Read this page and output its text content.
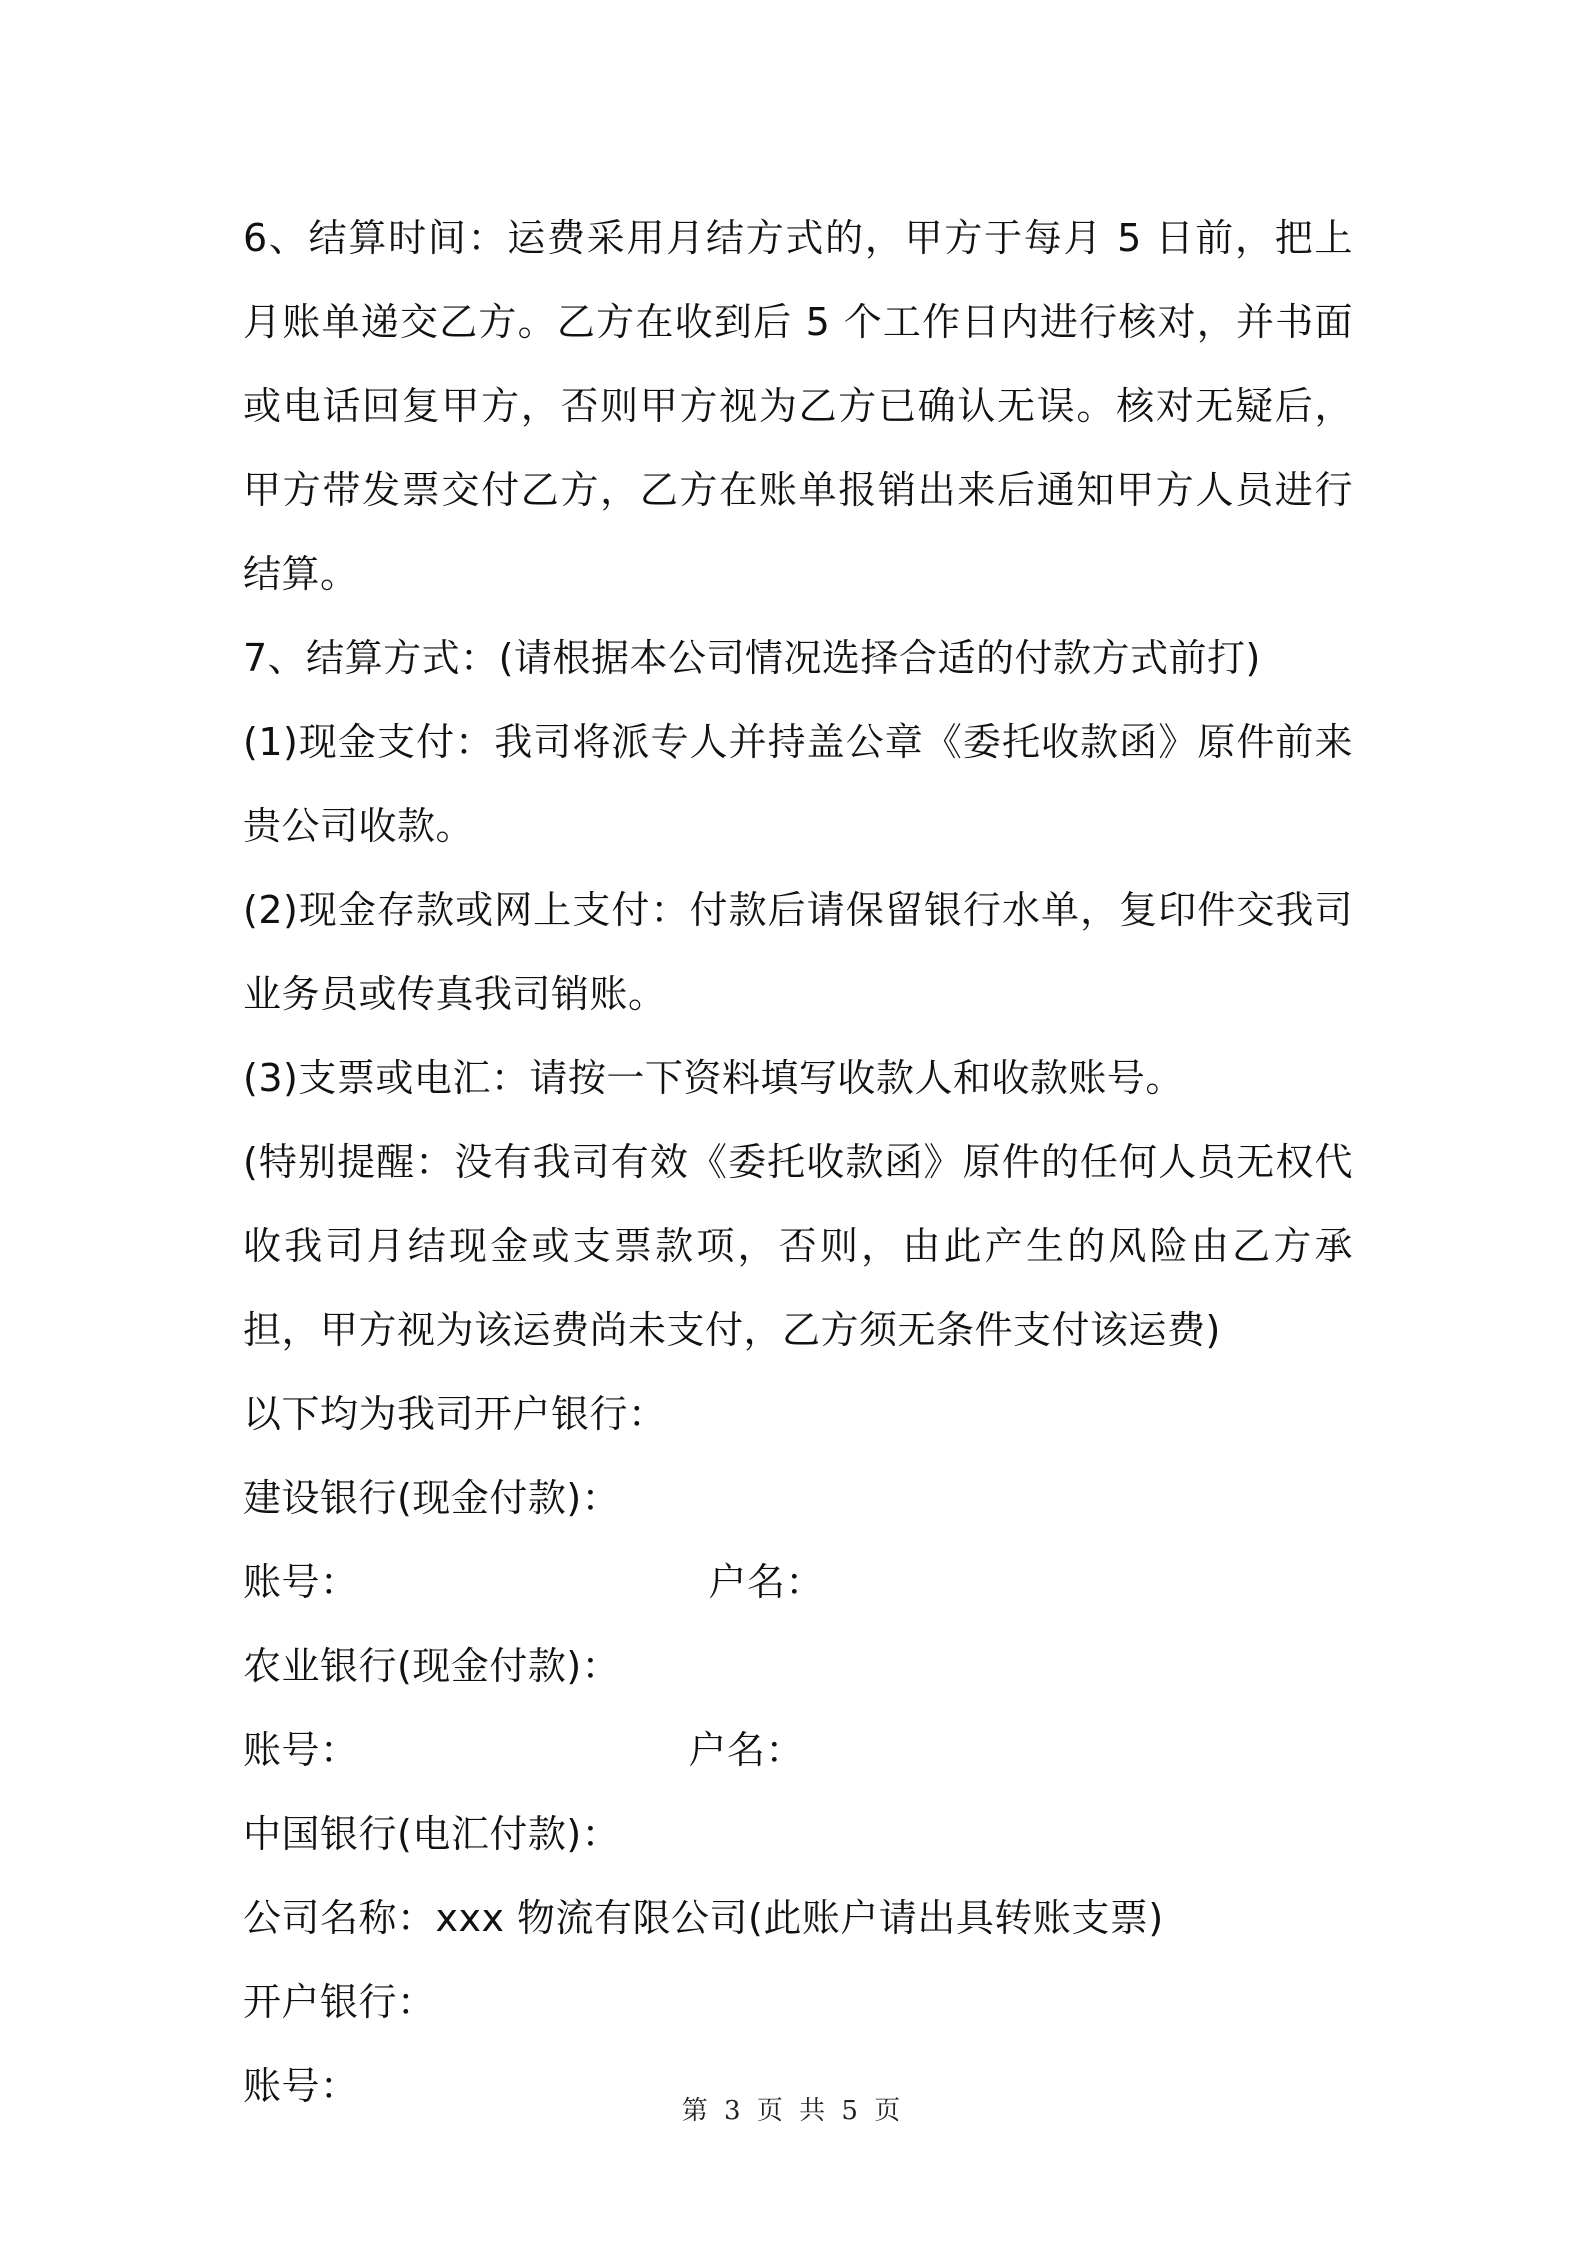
6、结算时间：运费采用月结方式的，甲方于每月 5 日前，把上月账单递交乙方。乙方在收到后 5 个工作日内进行核对，并书面或电话回复甲方，否则甲方视为乙方已确认无误。核对无疑后，甲方带发票交付乙方，乙方在账单报销出来后通知甲方人员进行结算。

7、结算方式：(请根据本公司情况选择合适的付款方式前打)

(1)现金支付：我司将派专人并持盖公章《委托收款函》原件前来贵公司收款。

(2)现金存款或网上支付：付款后请保留银行水单，复印件交我司业务员或传真我司销账。

(3)支票或电汇：请按一下资料填写收款人和收款账号。

(特别提醒：没有我司有效《委托收款函》原件的任何人员无权代收我司月结现金或支票款项，否则，由此产生的风险由乙方承担，甲方视为该运费尚未支付，乙方须无条件支付该运费)

以下均为我司开户银行：

建设银行(现金付款)：

账号：	户名：

农业银行(现金付款)：

账号：	户名：

中国银行(电汇付款)：

公司名称：xxx 物流有限公司(此账户请出具转账支票)

开户银行：

账号：

第 3 页 共 5 页
